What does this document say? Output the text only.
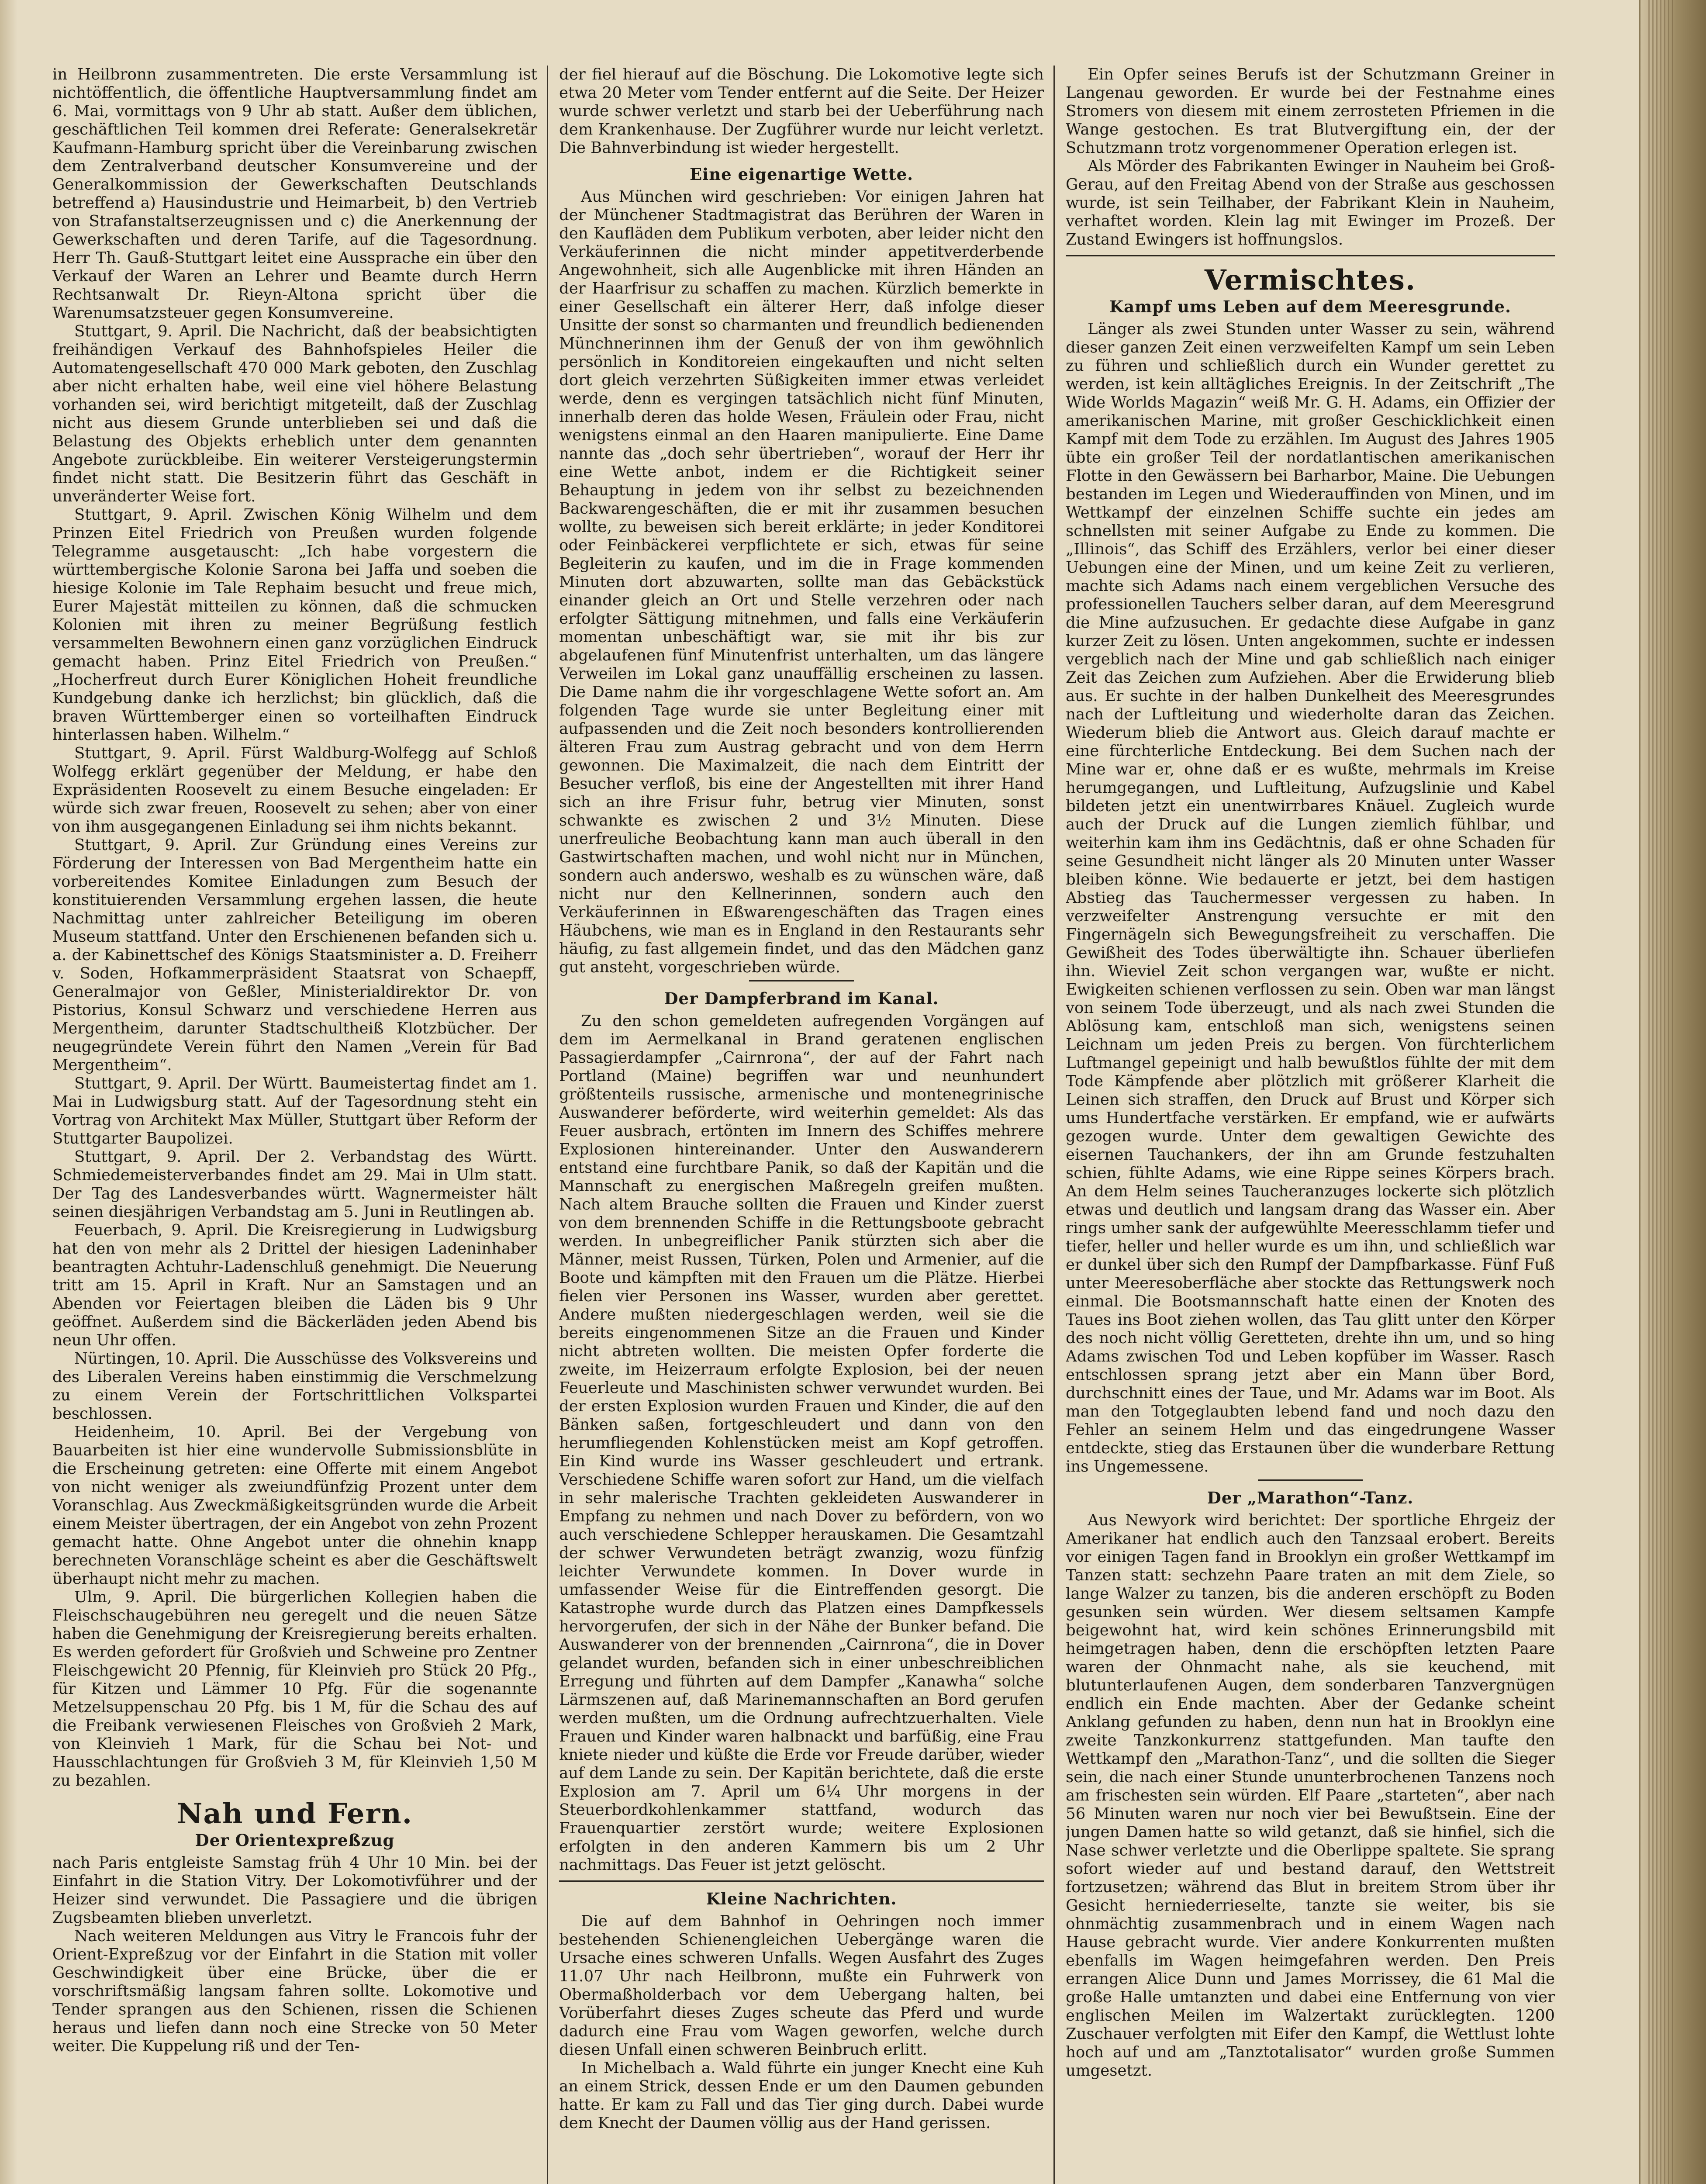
in Heilbronn zusammentreten. Die erste Versammlung ist nichtöffentlich, die öffentliche Hauptversammlung findet am 6. Mai, vormittags von 9 Uhr ab statt. Außer dem üblichen, geschäftlichen Teil kommen drei Referate: Generalsekretär Kaufmann-Hamburg spricht über die Vereinbarung zwischen dem Zentralverband deutscher Konsumvereine und der Generalkommission der Gewerkschaften Deutschlands betreffend a) Hausindustrie und Heimarbeit, b) den Vertrieb von Strafanstaltserzeugnissen und c) die Anerkennung der Gewerkschaften und deren Tarife, auf die Tagesordnung. Herr Th. Gauß-Stuttgart leitet eine Aussprache ein über den Verkauf der Waren an Lehrer und Beamte durch Herrn Rechtsanwalt Dr. Rieyn-Altona spricht über die Warenumsatzsteuer gegen Konsumvereine.

Stuttgart, 9. April. Die Nachricht, daß der beabsichtigten freihändigen Verkauf des Bahnhofspieles Heiler die Automatengesellschaft 470 000 Mark geboten, den Zuschlag aber nicht erhalten habe, weil eine viel höhere Belastung vorhanden sei, wird berichtigt mitgeteilt, daß der Zuschlag nicht aus diesem Grunde unterblieben sei und daß die Belastung des Objekts erheblich unter dem genannten Angebote zurückbleibe. Ein weiterer Versteigerungstermin findet nicht statt. Die Besitzerin führt das Geschäft in unveränderter Weise fort.

Stuttgart, 9. April. Zwischen König Wilhelm und dem Prinzen Eitel Friedrich von Preußen wurden folgende Telegramme ausgetauscht: „Ich habe vorgestern die württembergische Kolonie Sarona bei Jaffa und soeben die hiesige Kolonie im Tale Rephaim besucht und freue mich, Eurer Majestät mitteilen zu können, daß die schmucken Kolonien mit ihren zu meiner Begrüßung festlich versammelten Bewohnern einen ganz vorzüglichen Eindruck gemacht haben. Prinz Eitel Friedrich von Preußen.“ „Hocherfreut durch Eurer Königlichen Hoheit freundliche Kundgebung danke ich herzlichst; bin glücklich, daß die braven Württemberger einen so vorteilhaften Eindruck hinterlassen haben. Wilhelm.“

Stuttgart, 9. April. Fürst Waldburg-Wolfegg auf Schloß Wolfegg erklärt gegenüber der Meldung, er habe den Expräsidenten Roosevelt zu einem Besuche eingeladen: Er würde sich zwar freuen, Roosevelt zu sehen; aber von einer von ihm ausgegangenen Einladung sei ihm nichts bekannt.

Stuttgart, 9. April. Zur Gründung eines Vereins zur Förderung der Interessen von Bad Mergentheim hatte ein vorbereitendes Komitee Einladungen zum Besuch der konstituierenden Versammlung ergehen lassen, die heute Nachmittag unter zahlreicher Beteiligung im oberen Museum stattfand. Unter den Erschienenen befanden sich u. a. der Kabinettschef des Königs Staatsminister a. D. Freiherr v. Soden, Hofkammerpräsident Staatsrat von Schaepff, Generalmajor von Geßler, Ministerialdirektor Dr. von Pistorius, Konsul Schwarz und verschiedene Herren aus Mergentheim, darunter Stadtschultheiß Klotzbücher. Der neugegründete Verein führt den Namen „Verein für Bad Mergentheim“.

Stuttgart, 9. April. Der Württ. Baumeistertag findet am 1. Mai in Ludwigsburg statt. Auf der Tagesordnung steht ein Vortrag von Architekt Max Müller, Stuttgart über Reform der Stuttgarter Baupolizei.

Stuttgart, 9. April. Der 2. Verbandstag des Württ. Schmiedemeisterverbandes findet am 29. Mai in Ulm statt. Der Tag des Landesverbandes württ. Wagnermeister hält seinen diesjährigen Verbandstag am 5. Juni in Reutlingen ab.

Feuerbach, 9. April. Die Kreisregierung in Ludwigsburg hat den von mehr als 2 Drittel der hiesigen Ladeninhaber beantragten Achtuhr-Ladenschluß genehmigt. Die Neuerung tritt am 15. April in Kraft. Nur an Samstagen und an Abenden vor Feiertagen bleiben die Läden bis 9 Uhr geöffnet. Außerdem sind die Bäckerläden jeden Abend bis neun Uhr offen.

Nürtingen, 10. April. Die Ausschüsse des Volksvereins und des Liberalen Vereins haben einstimmig die Verschmelzung zu einem Verein der Fortschrittlichen Volkspartei beschlossen.

Heidenheim, 10. April. Bei der Vergebung von Bauarbeiten ist hier eine wundervolle Submissionsblüte in die Erscheinung getreten: eine Offerte mit einem Angebot von nicht weniger als zweiundfünfzig Prozent unter dem Voranschlag. Aus Zweckmäßigkeitsgründen wurde die Arbeit einem Meister übertragen, der ein Angebot von zehn Prozent gemacht hatte. Ohne Angebot unter die ohnehin knapp berechneten Voranschläge scheint es aber die Geschäftswelt überhaupt nicht mehr zu machen.

Ulm, 9. April. Die bürgerlichen Kollegien haben die Fleischschaugebühren neu geregelt und die neuen Sätze haben die Genehmigung der Kreisregierung bereits erhalten. Es werden gefordert für Großvieh und Schweine pro Zentner Fleischgewicht 20 Pfennig, für Kleinvieh pro Stück 20 Pfg., für Kitzen und Lämmer 10 Pfg. Für die sogenannte Metzelsuppenschau 20 Pfg. bis 1 M, für die Schau des auf die Freibank verwiesenen Fleisches von Großvieh 2 Mark, von Kleinvieh 1 Mark, für die Schau bei Not- und Hausschlachtungen für Großvieh 3 M, für Kleinvieh 1,50 M zu bezahlen.

Nah und Fern.
Der Orientexpreßzug

nach Paris entgleiste Samstag früh 4 Uhr 10 Min. bei der Einfahrt in die Station Vitry. Der Lokomotivführer und der Heizer sind verwundet. Die Passagiere und die übrigen Zugsbeamten blieben unverletzt.

Nach weiteren Meldungen aus Vitry le Francois fuhr der Orient-Expreßzug vor der Einfahrt in die Station mit voller Geschwindigkeit über eine Brücke, über die er vorschriftsmäßig langsam fahren sollte. Lokomotive und Tender sprangen aus den Schienen, rissen die Schienen heraus und liefen dann noch eine Strecke von 50 Meter weiter. Die Kuppelung riß und der Ten-

der fiel hierauf auf die Böschung. Die Lokomotive legte sich etwa 20 Meter vom Tender entfernt auf die Seite. Der Heizer wurde schwer verletzt und starb bei der Ueberführung nach dem Krankenhause. Der Zugführer wurde nur leicht verletzt. Die Bahnverbindung ist wieder hergestellt.

Eine eigenartige Wette.

Aus München wird geschrieben: Vor einigen Jahren hat der Münchener Stadtmagistrat das Berühren der Waren in den Kaufläden dem Publikum verboten, aber leider nicht den Verkäuferinnen die nicht minder appetitverderbende Angewohnheit, sich alle Augenblicke mit ihren Händen an der Haarfrisur zu schaffen zu machen. Kürzlich bemerkte in einer Gesellschaft ein älterer Herr, daß infolge dieser Unsitte der sonst so charmanten und freundlich bedienenden Münchnerinnen ihm der Genuß der von ihm gewöhnlich persönlich in Konditoreien eingekauften und nicht selten dort gleich verzehrten Süßigkeiten immer etwas verleidet werde, denn es vergingen tatsächlich nicht fünf Minuten, innerhalb deren das holde Wesen, Fräulein oder Frau, nicht wenigstens einmal an den Haaren manipulierte. Eine Dame nannte das „doch sehr übertrieben“, worauf der Herr ihr eine Wette anbot, indem er die Richtigkeit seiner Behauptung in jedem von ihr selbst zu bezeichnenden Backwarengeschäften, die er mit ihr zusammen besuchen wollte, zu beweisen sich bereit erklärte; in jeder Konditorei oder Feinbäckerei verpflichtete er sich, etwas für seine Begleiterin zu kaufen, und im die in Frage kommenden Minuten dort abzuwarten, sollte man das Gebäckstück einander gleich an Ort und Stelle verzehren oder nach erfolgter Sättigung mitnehmen, und falls eine Verkäuferin momentan unbeschäftigt war, sie mit ihr bis zur abgelaufenen fünf Minutenfrist unterhalten, um das längere Verweilen im Lokal ganz unauffällig erscheinen zu lassen. Die Dame nahm die ihr vorgeschlagene Wette sofort an. Am folgenden Tage wurde sie unter Begleitung einer mit aufpassenden und die Zeit noch besonders kontrollierenden älteren Frau zum Austrag gebracht und von dem Herrn gewonnen. Die Maximalzeit, die nach dem Eintritt der Besucher verfloß, bis eine der Angestellten mit ihrer Hand sich an ihre Frisur fuhr, betrug vier Minuten, sonst schwankte es zwischen 2 und 3½ Minuten. Diese unerfreuliche Beobachtung kann man auch überall in den Gastwirtschaften machen, und wohl nicht nur in München, sondern auch anderswo, weshalb es zu wünschen wäre, daß nicht nur den Kellnerinnen, sondern auch den Verkäuferinnen in Eßwarengeschäften das Tragen eines Häubchens, wie man es in England in den Restaurants sehr häufig, zu fast allgemein findet, und das den Mädchen ganz gut ansteht, vorgeschrieben würde.

Der Dampferbrand im Kanal.

Zu den schon gemeldeten aufregenden Vorgängen auf dem im Aermelkanal in Brand geratenen englischen Passagierdampfer „Cairnrona“, der auf der Fahrt nach Portland (Maine) begriffen war und neunhundert größtenteils russische, armenische und montenegrinische Auswanderer beförderte, wird weiterhin gemeldet: Als das Feuer ausbrach, ertönten im Innern des Schiffes mehrere Explosionen hintereinander. Unter den Auswanderern entstand eine furchtbare Panik, so daß der Kapitän und die Mannschaft zu energischen Maßregeln greifen mußten. Nach altem Brauche sollten die Frauen und Kinder zuerst von dem brennenden Schiffe in die Rettungsboote gebracht werden. In unbegreiflicher Panik stürzten sich aber die Männer, meist Russen, Türken, Polen und Armenier, auf die Boote und kämpften mit den Frauen um die Plätze. Hierbei fielen vier Personen ins Wasser, wurden aber gerettet. Andere mußten niedergeschlagen werden, weil sie die bereits eingenommenen Sitze an die Frauen und Kinder nicht abtreten wollten. Die meisten Opfer forderte die zweite, im Heizerraum erfolgte Explosion, bei der neuen Feuerleute und Maschinisten schwer verwundet wurden. Bei der ersten Explosion wurden Frauen und Kinder, die auf den Bänken saßen, fortgeschleudert und dann von den herumfliegenden Kohlenstücken meist am Kopf getroffen. Ein Kind wurde ins Wasser geschleudert und ertrank. Verschiedene Schiffe waren sofort zur Hand, um die vielfach in sehr malerische Trachten gekleideten Auswanderer in Empfang zu nehmen und nach Dover zu befördern, von wo auch verschiedene Schlepper herauskamen. Die Gesamtzahl der schwer Verwundeten beträgt zwanzig, wozu fünfzig leichter Verwundete kommen. In Dover wurde in umfassender Weise für die Eintreffenden gesorgt. Die Katastrophe wurde durch das Platzen eines Dampfkessels hervorgerufen, der sich in der Nähe der Bunker befand. Die Auswanderer von der brennenden „Cairnrona“, die in Dover gelandet wurden, befanden sich in einer unbeschreiblichen Erregung und führten auf dem Dampfer „Kanawha“ solche Lärmszenen auf, daß Marinemannschaften an Bord gerufen werden mußten, um die Ordnung aufrechtzuerhalten. Viele Frauen und Kinder waren halbnackt und barfüßig, eine Frau kniete nieder und küßte die Erde vor Freude darüber, wieder auf dem Lande zu sein. Der Kapitän berichtete, daß die erste Explosion am 7. April um 6¼ Uhr morgens in der Steuerbordkohlenkammer stattfand, wodurch das Frauenquartier zerstört wurde; weitere Explosionen erfolgten in den anderen Kammern bis um 2 Uhr nachmittags. Das Feuer ist jetzt gelöscht.

Kleine Nachrichten.

Die auf dem Bahnhof in Oehringen noch immer bestehenden Schienengleichen Uebergänge waren die Ursache eines schweren Unfalls. Wegen Ausfahrt des Zuges 11.07 Uhr nach Heilbronn, mußte ein Fuhrwerk von Obermaßholderbach vor dem Uebergang halten, bei Vorüberfahrt dieses Zuges scheute das Pferd und wurde dadurch eine Frau vom Wagen geworfen, welche durch diesen Unfall einen schweren Beinbruch erlitt.

In Michelbach a. Wald führte ein junger Knecht eine Kuh an einem Strick, dessen Ende er um den Daumen gebunden hatte. Er kam zu Fall und das Tier ging durch. Dabei wurde dem Knecht der Daumen völlig aus der Hand gerissen.

Ein Opfer seines Berufs ist der Schutzmann Greiner in Langenau geworden. Er wurde bei der Festnahme eines Stromers von diesem mit einem zerrosteten Pfriemen in die Wange gestochen. Es trat Blutvergiftung ein, der der Schutzmann trotz vorgenommener Operation erlegen ist.

Als Mörder des Fabrikanten Ewinger in Nauheim bei Groß-Gerau, auf den Freitag Abend von der Straße aus geschossen wurde, ist sein Teilhaber, der Fabrikant Klein in Nauheim, verhaftet worden. Klein lag mit Ewinger im Prozeß. Der Zustand Ewingers ist hoffnungslos.

Vermischtes.
Kampf ums Leben auf dem Meeresgrunde.

Länger als zwei Stunden unter Wasser zu sein, während dieser ganzen Zeit einen verzweifelten Kampf um sein Leben zu führen und schließlich durch ein Wunder gerettet zu werden, ist kein alltägliches Ereignis. In der Zeitschrift „The Wide Worlds Magazin“ weiß Mr. G. H. Adams, ein Offizier der amerikanischen Marine, mit großer Geschicklichkeit einen Kampf mit dem Tode zu erzählen. Im August des Jahres 1905 übte ein großer Teil der nordatlantischen amerikanischen Flotte in den Gewässern bei Barharbor, Maine. Die Uebungen bestanden im Legen und Wiederauffinden von Minen, und im Wettkampf der einzelnen Schiffe suchte ein jedes am schnellsten mit seiner Aufgabe zu Ende zu kommen. Die „Illinois“, das Schiff des Erzählers, verlor bei einer dieser Uebungen eine der Minen, und um keine Zeit zu verlieren, machte sich Adams nach einem vergeblichen Versuche des professionellen Tauchers selber daran, auf dem Meeresgrund die Mine aufzusuchen. Er gedachte diese Aufgabe in ganz kurzer Zeit zu lösen. Unten angekommen, suchte er indessen vergeblich nach der Mine und gab schließlich nach einiger Zeit das Zeichen zum Aufziehen. Aber die Erwiderung blieb aus. Er suchte in der halben Dunkelheit des Meeresgrundes nach der Luftleitung und wiederholte daran das Zeichen. Wiederum blieb die Antwort aus. Gleich darauf machte er eine fürchterliche Entdeckung. Bei dem Suchen nach der Mine war er, ohne daß er es wußte, mehrmals im Kreise herumgegangen, und Luftleitung, Aufzugslinie und Kabel bildeten jetzt ein unentwirrbares Knäuel. Zugleich wurde auch der Druck auf die Lungen ziemlich fühlbar, und weiterhin kam ihm ins Gedächtnis, daß er ohne Schaden für seine Gesundheit nicht länger als 20 Minuten unter Wasser bleiben könne. Wie bedauerte er jetzt, bei dem hastigen Abstieg das Tauchermesser vergessen zu haben. In verzweifelter Anstrengung versuchte er mit den Fingernägeln sich Bewegungsfreiheit zu verschaffen. Die Gewißheit des Todes überwältigte ihn. Schauer überliefen ihn. Wieviel Zeit schon vergangen war, wußte er nicht. Ewigkeiten schienen verflossen zu sein. Oben war man längst von seinem Tode überzeugt, und als nach zwei Stunden die Ablösung kam, entschloß man sich, wenigstens seinen Leichnam um jeden Preis zu bergen. Von fürchterlichem Luftmangel gepeinigt und halb bewußtlos fühlte der mit dem Tode Kämpfende aber plötzlich mit größerer Klarheit die Leinen sich straffen, den Druck auf Brust und Körper sich ums Hundertfache verstärken. Er empfand, wie er aufwärts gezogen wurde. Unter dem gewaltigen Gewichte des eisernen Tauchankers, der ihn am Grunde festzuhalten schien, fühlte Adams, wie eine Rippe seines Körpers brach. An dem Helm seines Taucheranzuges lockerte sich plötzlich etwas und deutlich und langsam drang das Wasser ein. Aber rings umher sank der aufgewühlte Meeresschlamm tiefer und tiefer, heller und heller wurde es um ihn, und schließlich war er dunkel über sich den Rumpf der Dampfbarkasse. Fünf Fuß unter Meeresoberfläche aber stockte das Rettungswerk noch einmal. Die Bootsmannschaft hatte einen der Knoten des Taues ins Boot ziehen wollen, das Tau glitt unter den Körper des noch nicht völlig Geretteten, drehte ihn um, und so hing Adams zwischen Tod und Leben kopfüber im Wasser. Rasch entschlossen sprang jetzt aber ein Mann über Bord, durchschnitt eines der Taue, und Mr. Adams war im Boot. Als man den Totgeglaubten lebend fand und noch dazu den Fehler an seinem Helm und das eingedrungene Wasser entdeckte, stieg das Erstaunen über die wunderbare Rettung ins Ungemessene.

Der „Marathon“-Tanz.

Aus Newyork wird berichtet: Der sportliche Ehrgeiz der Amerikaner hat endlich auch den Tanzsaal erobert. Bereits vor einigen Tagen fand in Brooklyn ein großer Wettkampf im Tanzen statt: sechzehn Paare traten an mit dem Ziele, so lange Walzer zu tanzen, bis die anderen erschöpft zu Boden gesunken sein würden. Wer diesem seltsamen Kampfe beigewohnt hat, wird kein schönes Erinnerungsbild mit heimgetragen haben, denn die erschöpften letzten Paare waren der Ohnmacht nahe, als sie keuchend, mit blutunterlaufenen Augen, dem sonderbaren Tanzvergnügen endlich ein Ende machten. Aber der Gedanke scheint Anklang gefunden zu haben, denn nun hat in Brooklyn eine zweite Tanzkonkurrenz stattgefunden. Man taufte den Wettkampf den „Marathon-Tanz“, und die sollten die Sieger sein, die nach einer Stunde ununterbrochenen Tanzens noch am frischesten sein würden. Elf Paare „starteten“, aber nach 56 Minuten waren nur noch vier bei Bewußtsein. Eine der jungen Damen hatte so wild getanzt, daß sie hinfiel, sich die Nase schwer verletzte und die Oberlippe spaltete. Sie sprang sofort wieder auf und bestand darauf, den Wettstreit fortzusetzen; während das Blut in breitem Strom über ihr Gesicht herniederrieselte, tanzte sie weiter, bis sie ohnmächtig zusammenbrach und in einem Wagen nach Hause gebracht wurde. Vier andere Konkurrenten mußten ebenfalls im Wagen heimgefahren werden. Den Preis errangen Alice Dunn und James Morrissey, die 61 Mal die große Halle umtanzten und dabei eine Entfernung von vier englischen Meilen im Walzertakt zurücklegten. 1200 Zuschauer verfolgten mit Eifer den Kampf, die Wettlust lohte hoch auf und am „Tanztotalisator“ wurden große Summen umgesetzt.
